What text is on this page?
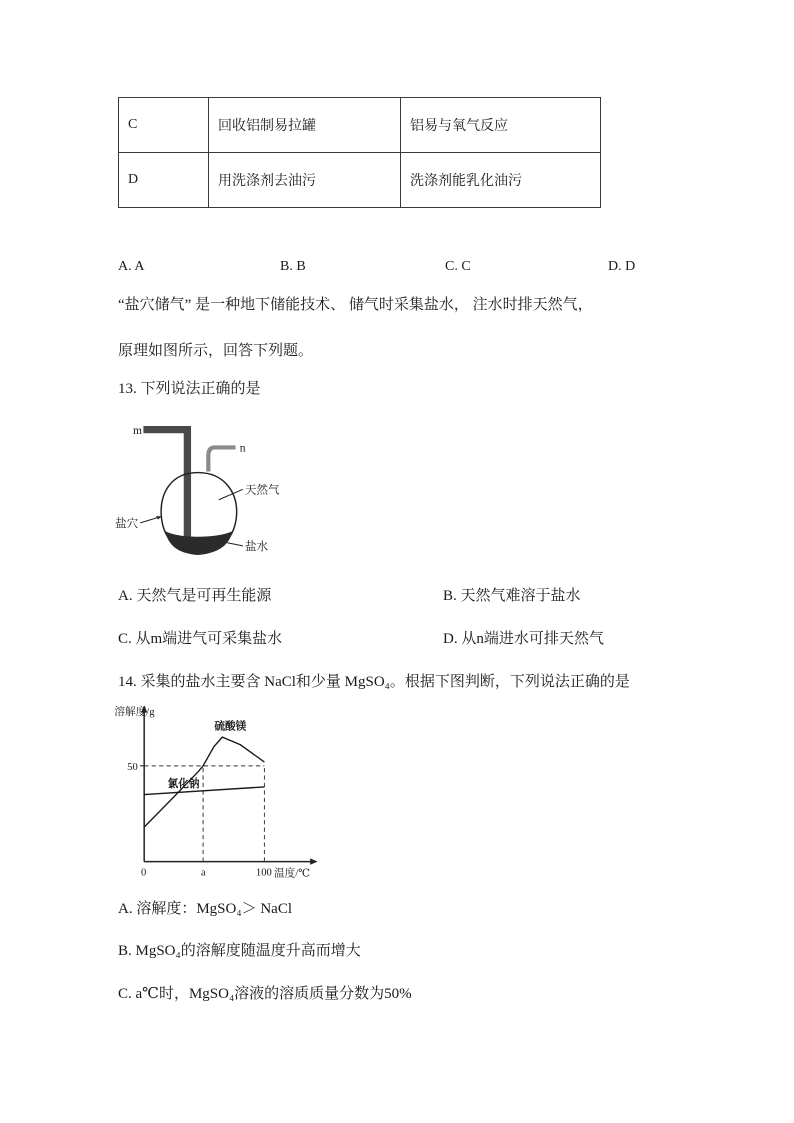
C	回收铝制易拉罐	铝易与氧气反应
D	用洗涤剂去油污	洗涤剂能乳化油污
A. A	B. B	C. C	D. D
“盐穴储气” 是一种地下储能技术、 储气时采集盐水， 注水时排天然气，
原理如图所示，回答下列题。
13. 下列说法正确的是
m
n
天然气
盐穴
盐水
A. 天然气是可再生能源	B. 天然气难溶于盐水
C. 从m端进气可采集盐水	D. 从n端进水可排天然气
14. 采集的盐水主要含 NaCl和少量 MgSO₄。根据下图判断，下列说法正确的是
50
溶解度/g
温度/℃
0	a	100
硫酸镁
氯化钠
A. 溶解度：MgSO₄＞ NaCl
B. MgSO₄的溶解度随温度升高而增大
C. a℃时，MgSO₄溶液的溶质质量分数为50%
